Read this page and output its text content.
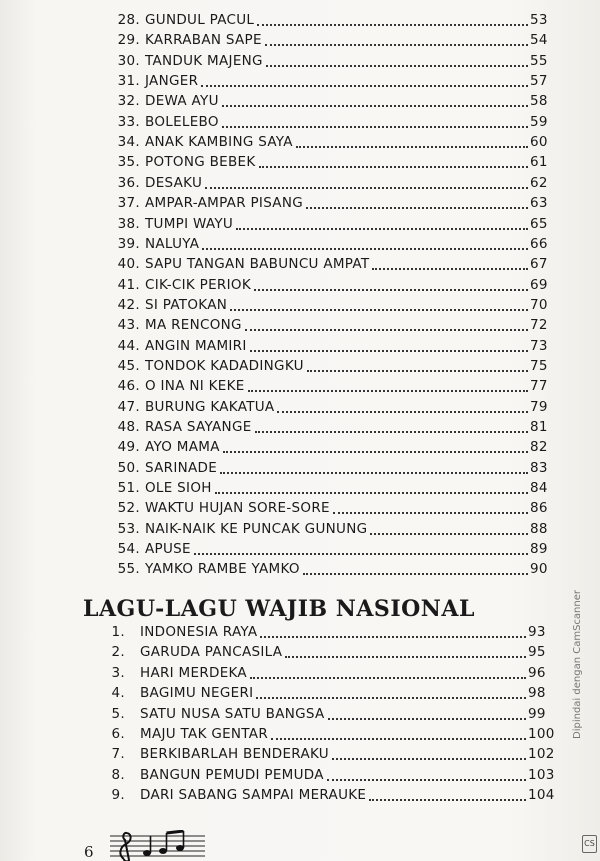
28. GUNDUL PACUL	53
29. KARRABAN SAPE	54
30. TANDUK MAJENG	55
31. JANGER	57
32. DEWA AYU	58
33. BOLELEBO	59
34. ANAK KAMBING SAYA	60
35. POTONG BEBEK	61
36. DESAKU	62
37. AMPAR-AMPAR PISANG	63
38. TUMPI WAYU	65
39. NALUYA	66
40. SAPU TANGAN BABUNCU AMPAT	67
41. CIK-CIK PERIOK	69
42. SI PATOKAN	70
43. MA RENCONG	72
44. ANGIN MAMIRI	73
45. TONDOK KADADINGKU	75
46. O INA NI KEKE	77
47. BURUNG KAKATUA	79
48. RASA SAYANGE	81
49. AYO MAMA	82
50. SARINADE	83
51. OLE SIOH	84
52. WAKTU HUJAN SORE-SORE	86
53. NAIK-NAIK KE PUNCAK GUNUNG	88
54. APUSE	89
55. YAMKO RAMBE YAMKO	90
LAGU-LAGU WAJIB NASIONAL
1. INDONESIA RAYA	93
2. GARUDA PANCASILA	95
3. HARI MERDEKA	96
4. BAGIMU NEGERI	98
5. SATU NUSA SATU BANGSA	99
6. MAJU TAK GENTAR	100
7. BERKIBARLAH BENDERAKU	102
8. BANGUN PEMUDI PEMUDA	103
9. DARI SABANG SAMPAI MERAUKE	104
6
Dipindai dengan CamScanner
CS
